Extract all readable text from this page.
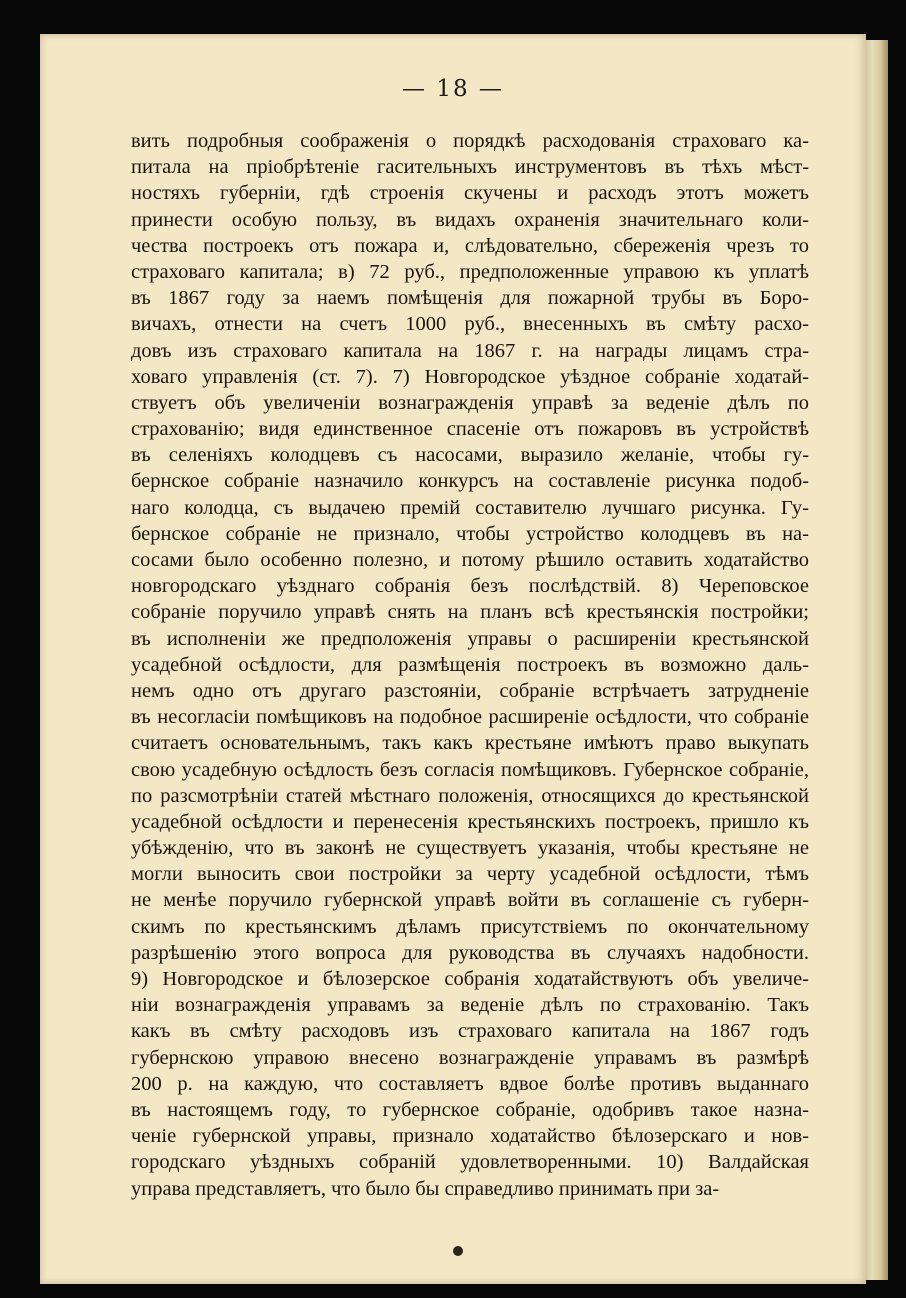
— 18 —
вить подробныя соображенія о порядкѣ расходованія страховаго ка-
питала на пріобрѣтеніе гасительныхъ инструментовъ въ тѣхъ мѣст-
ностяхъ губерніи, гдѣ строенія скучены и расходъ этотъ можетъ
принести особую пользу, въ видахъ охраненія значительнаго коли-
чества построекъ отъ пожара и, слѣдовательно, сбереженія чрезъ то
страховаго капитала; в) 72 руб., предположенные управою къ уплатѣ
въ 1867 году за наемъ помѣщенія для пожарной трубы въ Боро-
вичахъ, отнести на счетъ 1000 руб., внесенныхъ въ смѣту расхо-
довъ изъ страховаго капитала на 1867 г. на награды лицамъ стра-
ховаго управленія (ст. 7). 7) Новгородское уѣздное собраніе ходатай-
ствуетъ объ увеличеніи вознагражденія управѣ за веденіе дѣлъ по
страхованію; видя единственное спасеніе отъ пожаровъ въ устройствѣ
въ селеніяхъ колодцевъ съ насосами, выразило желаніе, чтобы гу-
бернское собраніе назначило конкурсъ на составленіе рисунка подоб-
наго колодца, съ выдачею премій составителю лучшаго рисунка. Гу-
бернское собраніе не признало, чтобы устройство колодцевъ въ на-
сосами было особенно полезно, и потому рѣшило оставить ходатайство
новгородскаго уѣзднаго собранія безъ послѣдствій. 8) Череповское
собраніе поручило управѣ снять на планъ всѣ крестьянскія постройки;
въ исполненіи же предположенія управы о расширеніи крестьянской
усадебной осѣдлости, для размѣщенія построекъ въ возможно даль-
немъ одно отъ другаго разстояніи, собраніе встрѣчаетъ затрудненіе
въ несогласіи помѣщиковъ на подобное расширеніе осѣдлости, что собраніе
считаетъ основательнымъ, такъ какъ крестьяне имѣютъ право выкупать
свою усадебную осѣдлость безъ согласія помѣщиковъ. Губернское собраніе,
по разсмотрѣніи статей мѣстнаго положенія, относящихся до крестьянской
усадебной осѣдлости и перенесенія крестьянскихъ построекъ, пришло къ
убѣжденію, что въ законѣ не существуетъ указанія, чтобы крестьяне не
могли выносить свои постройки за черту усадебной осѣдлости, тѣмъ
не менѣе поручило губернской управѣ войти въ соглашеніе съ губерн-
скимъ по крестьянскимъ дѣламъ присутствіемъ по окончательному
разрѣшенію этого вопроса для руководства въ случаяхъ надобности.
9) Новгородское и бѣлозерское собранія ходатайствуютъ объ увеличе-
ніи вознагражденія управамъ за веденіе дѣлъ по страхованію. Такъ
какъ въ смѣту расходовъ изъ страховаго капитала на 1867 годъ
губернскою управою внесено вознагражденіе управамъ въ размѣрѣ
200 р. на каждую, что составляетъ вдвое болѣе противъ выданнаго
въ настоящемъ году, то губернское собраніе, одобривъ такое назна-
ченіе губернской управы, признало ходатайство бѣлозерскаго и нов-
городскаго уѣздныхъ собраній удовлетворенными. 10) Валдайская
управа представляетъ, что было бы справедливо принимать при за-
